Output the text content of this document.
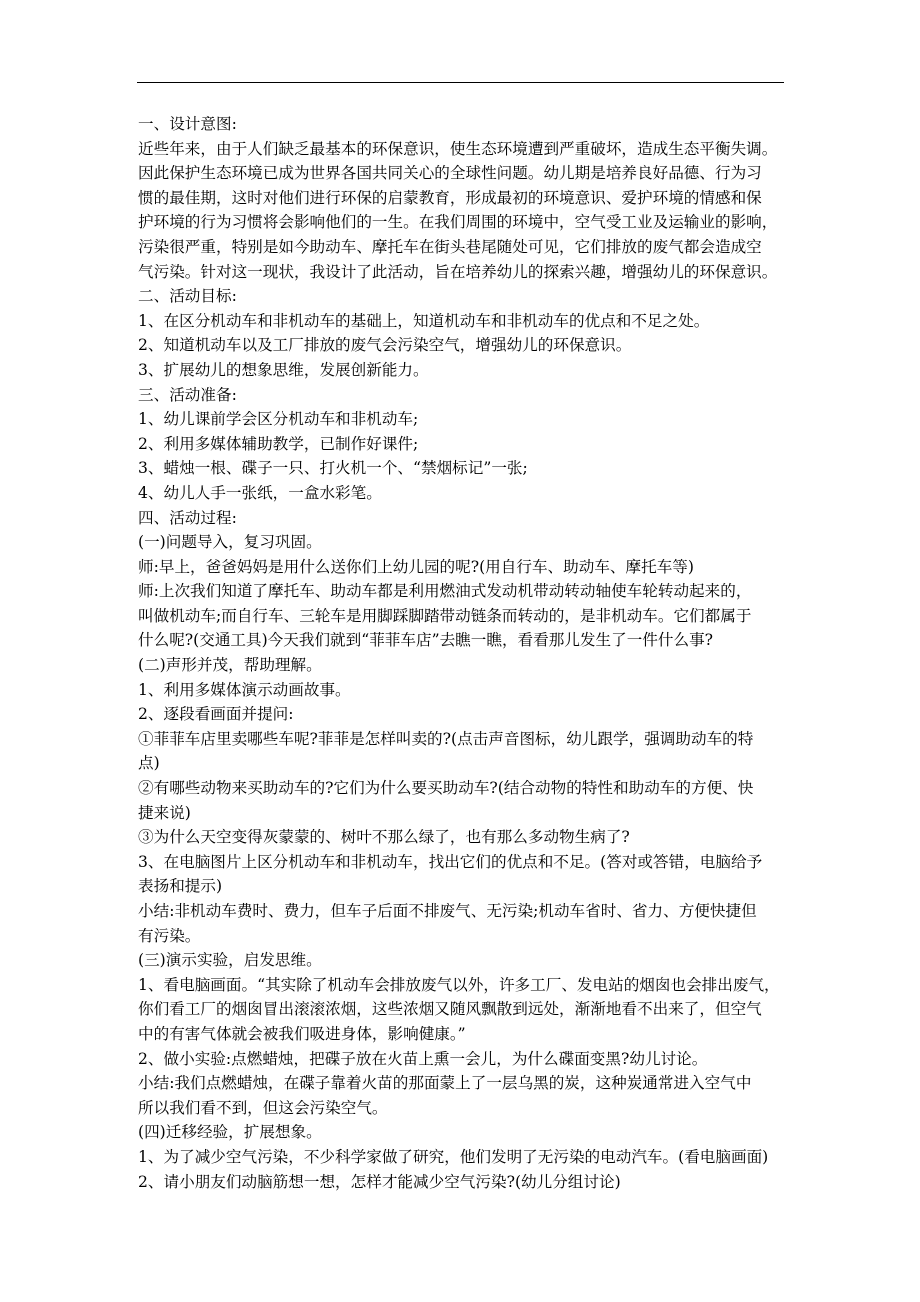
一、设计意图:
近些年来，由于人们缺乏最基本的环保意识，使生态环境遭到严重破坏，造成生态平衡失调。
因此保护生态环境已成为世界各国共同关心的全球性问题。幼儿期是培养良好品德、行为习
惯的最佳期，这时对他们进行环保的启蒙教育，形成最初的环境意识、爱护环境的情感和保
护环境的行为习惯将会影响他们的一生。在我们周围的环境中，空气受工业及运输业的影响，
污染很严重，特别是如今助动车、摩托车在街头巷尾随处可见，它们排放的废气都会造成空
气污染。针对这一现状，我设计了此活动，旨在培养幼儿的探索兴趣，增强幼儿的环保意识。
二、活动目标:
1、在区分机动车和非机动车的基础上，知道机动车和非机动车的优点和不足之处。
2、知道机动车以及工厂排放的废气会污染空气，增强幼儿的环保意识。
3、扩展幼儿的想象思维，发展创新能力。
三、活动准备:
1、幼儿课前学会区分机动车和非机动车;
2、利用多媒体辅助教学，已制作好课件;
3、蜡烛一根、碟子一只、打火机一个、“禁烟标记”一张;
4、幼儿人手一张纸，一盒水彩笔。
四、活动过程:
(一)问题导入，复习巩固。
师:早上，爸爸妈妈是用什么送你们上幼儿园的呢?(用自行车、助动车、摩托车等)
师:上次我们知道了摩托车、助动车都是利用燃油式发动机带动转动轴使车轮转动起来的，
叫做机动车;而自行车、三轮车是用脚踩脚踏带动链条而转动的，是非机动车。它们都属于
什么呢?(交通工具)今天我们就到“菲菲车店”去瞧一瞧，看看那儿发生了一件什么事?
(二)声形并茂，帮助理解。
1、利用多媒体演示动画故事。
2、逐段看画面并提问:
①菲菲车店里卖哪些车呢?菲菲是怎样叫卖的?(点击声音图标，幼儿跟学，强调助动车的特
点)
②有哪些动物来买助动车的?它们为什么要买助动车?(结合动物的特性和助动车的方便、快
捷来说)
③为什么天空变得灰蒙蒙的、树叶不那么绿了，也有那么多动物生病了?
3、在电脑图片上区分机动车和非机动车，找出它们的优点和不足。(答对或答错，电脑给予
表扬和提示)
小结:非机动车费时、费力，但车子后面不排废气、无污染;机动车省时、省力、方便快捷但
有污染。
(三)演示实验，启发思维。
1、看电脑画面。“其实除了机动车会排放废气以外，许多工厂、发电站的烟囱也会排出废气，
你们看工厂的烟囱冒出滚滚浓烟，这些浓烟又随风飘散到远处，渐渐地看不出来了，但空气
中的有害气体就会被我们吸进身体，影响健康。”
2、做小实验:点燃蜡烛，把碟子放在火苗上熏一会儿，为什么碟面变黑?幼儿讨论。
小结:我们点燃蜡烛，在碟子靠着火苗的那面蒙上了一层乌黑的炭，这种炭通常进入空气中
所以我们看不到，但这会污染空气。
(四)迁移经验，扩展想象。
1、为了减少空气污染，不少科学家做了研究，他们发明了无污染的电动汽车。(看电脑画面)
2、请小朋友们动脑筋想一想，怎样才能减少空气污染?(幼儿分组讨论)
